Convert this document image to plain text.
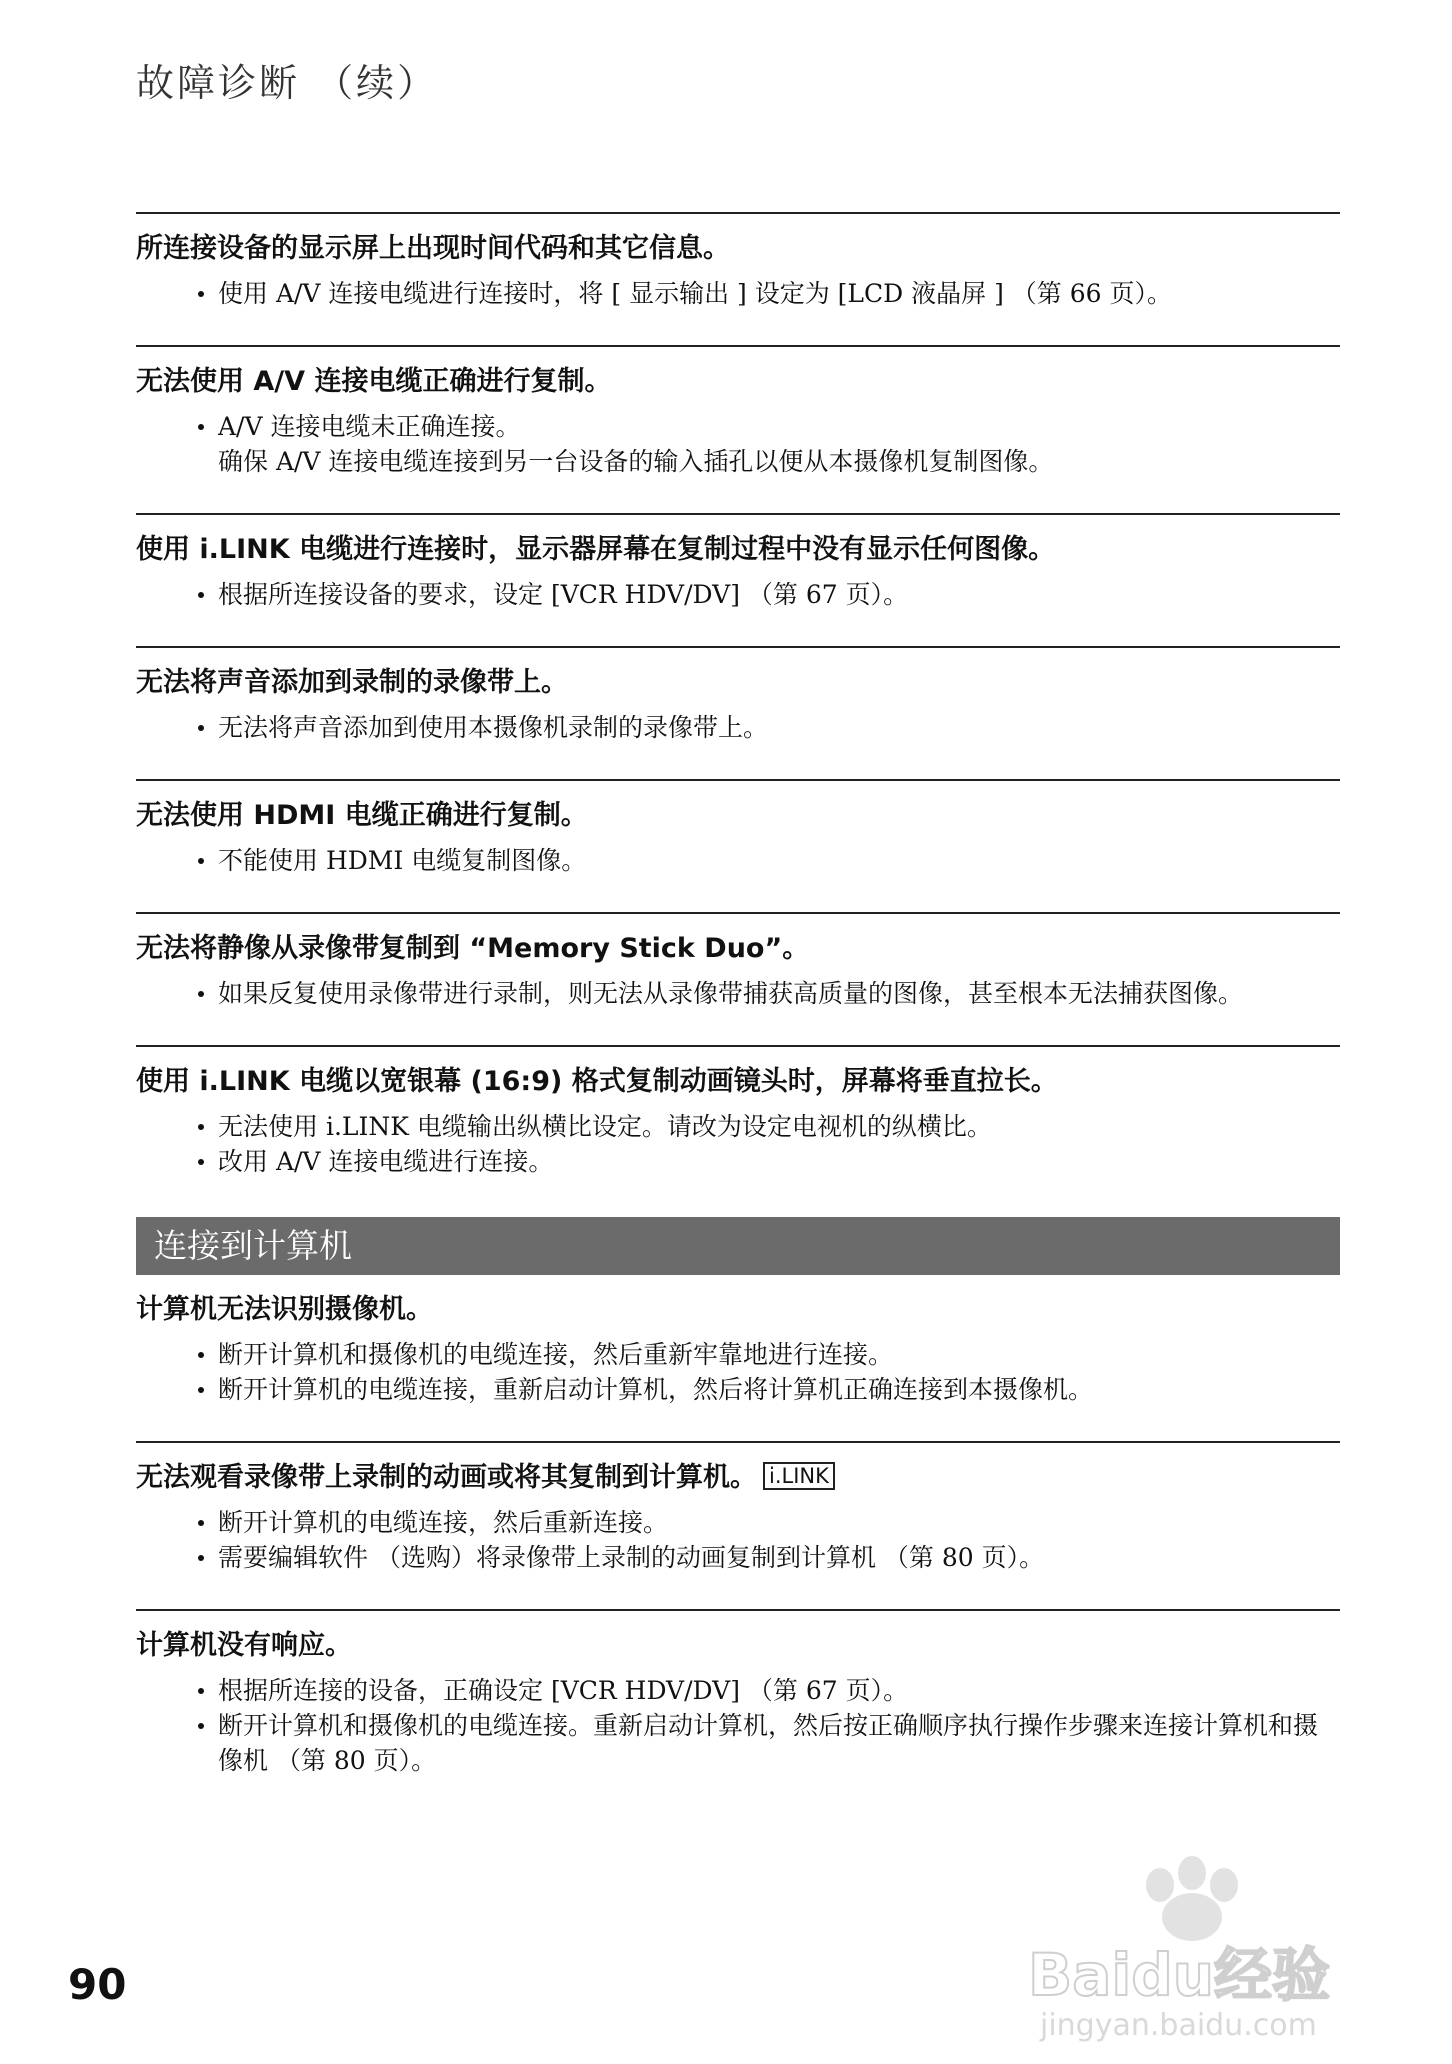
故障诊断 （续）

所连接设备的显示屏上出现时间代码和其它信息。

使用 A/V 连接电缆进行连接时，将 [ 显示输出 ] 设定为 [LCD 液晶屏 ] （第 66 页）。

无法使用 A/V 连接电缆正确进行复制。

A/V 连接电缆未正确连接。
确保 A/V 连接电缆连接到另一台设备的输入插孔以便从本摄像机复制图像。

使用 i.LINK 电缆进行连接时，显示器屏幕在复制过程中没有显示任何图像。

根据所连接设备的要求，设定 [VCR HDV/DV] （第 67 页）。

无法将声音添加到录制的录像带上。

无法将声音添加到使用本摄像机录制的录像带上。

无法使用 HDMI 电缆正确进行复制。

不能使用 HDMI 电缆复制图像。

无法将静像从录像带复制到 “Memory Stick Duo”。

如果反复使用录像带进行录制，则无法从录像带捕获高质量的图像，甚至根本无法捕获图像。

使用 i.LINK 电缆以宽银幕 (16:9) 格式复制动画镜头时，屏幕将垂直拉长。

无法使用 i.LINK 电缆输出纵横比设定。请改为设定电视机的纵横比。
改用 A/V 连接电缆进行连接。
连接到计算机

计算机无法识别摄像机。

断开计算机和摄像机的电缆连接，然后重新牢靠地进行连接。
断开计算机的电缆连接，重新启动计算机，然后将计算机正确连接到本摄像机。

无法观看录像带上录制的动画或将其复制到计算机。 i.LINK

断开计算机的电缆连接，然后重新连接。
需要编辑软件 （选购）将录像带上录制的动画复制到计算机 （第 80 页）。

计算机没有响应。

根据所连接的设备，正确设定 [VCR HDV/DV] （第 67 页）。
断开计算机和摄像机的电缆连接。重新启动计算机，然后按正确顺序执行操作步骤来连接计算机和摄像机 （第 80 页）。
90	Baidu经验
jingyan.baidu.com
